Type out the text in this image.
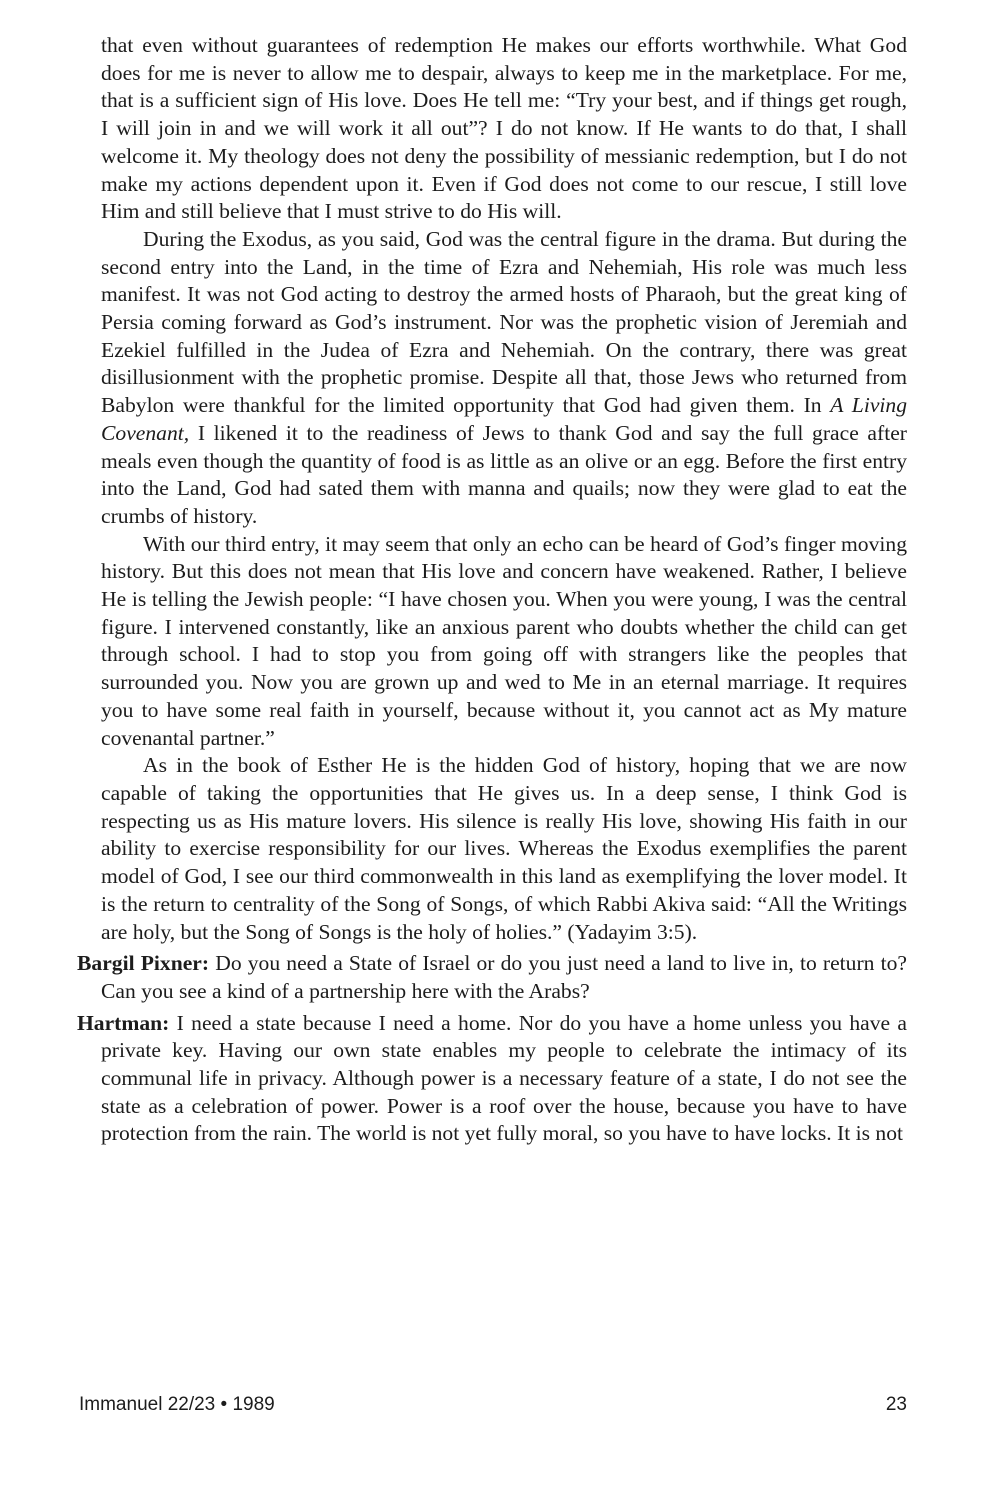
that even without guarantees of redemption He makes our efforts worthwhile. What God does for me is never to allow me to despair, always to keep me in the marketplace. For me, that is a sufficient sign of His love. Does He tell me: “Try your best, and if things get rough, I will join in and we will work it all out”? I do not know. If He wants to do that, I shall welcome it. My theology does not deny the possibility of messianic redemption, but I do not make my actions dependent upon it. Even if God does not come to our rescue, I still love Him and still believe that I must strive to do His will.

During the Exodus, as you said, God was the central figure in the drama. But during the second entry into the Land, in the time of Ezra and Nehemiah, His role was much less manifest. It was not God acting to destroy the armed hosts of Pharaoh, but the great king of Persia coming forward as God’s instrument. Nor was the prophetic vision of Jeremiah and Ezekiel fulfilled in the Judea of Ezra and Nehemiah. On the contrary, there was great disillusionment with the prophetic promise. Despite all that, those Jews who returned from Babylon were thankful for the limited opportunity that God had given them. In A Living Covenant, I likened it to the readiness of Jews to thank God and say the full grace after meals even though the quantity of food is as little as an olive or an egg. Before the first entry into the Land, God had sated them with manna and quails; now they were glad to eat the crumbs of history.

With our third entry, it may seem that only an echo can be heard of God’s finger moving history. But this does not mean that His love and concern have weakened. Rather, I believe He is telling the Jewish people: “I have chosen you. When you were young, I was the central figure. I intervened constantly, like an anxious parent who doubts whether the child can get through school. I had to stop you from going off with strangers like the peoples that surrounded you. Now you are grown up and wed to Me in an eternal marriage. It requires you to have some real faith in yourself, because without it, you cannot act as My mature covenantal partner.”

As in the book of Esther He is the hidden God of history, hoping that we are now capable of taking the opportunities that He gives us. In a deep sense, I think God is respecting us as His mature lovers. His silence is really His love, showing His faith in our ability to exercise responsibility for our lives. Whereas the Exodus exemplifies the parent model of God, I see our third commonwealth in this land as exemplifying the lover model. It is the return to centrality of the Song of Songs, of which Rabbi Akiva said: “All the Writings are holy, but the Song of Songs is the holy of holies.” (Yadayim 3:5).

Bargil Pixner: Do you need a State of Israel or do you just need a land to live in, to return to? Can you see a kind of a partnership here with the Arabs?

Hartman: I need a state because I need a home. Nor do you have a home unless you have a private key. Having our own state enables my people to celebrate the intimacy of its communal life in privacy. Although power is a necessary feature of a state, I do not see the state as a celebration of power. Power is a roof over the house, because you have to have protection from the rain. The world is not yet fully moral, so you have to have locks. It is not

Immanuel 22/23 • 1989	23
